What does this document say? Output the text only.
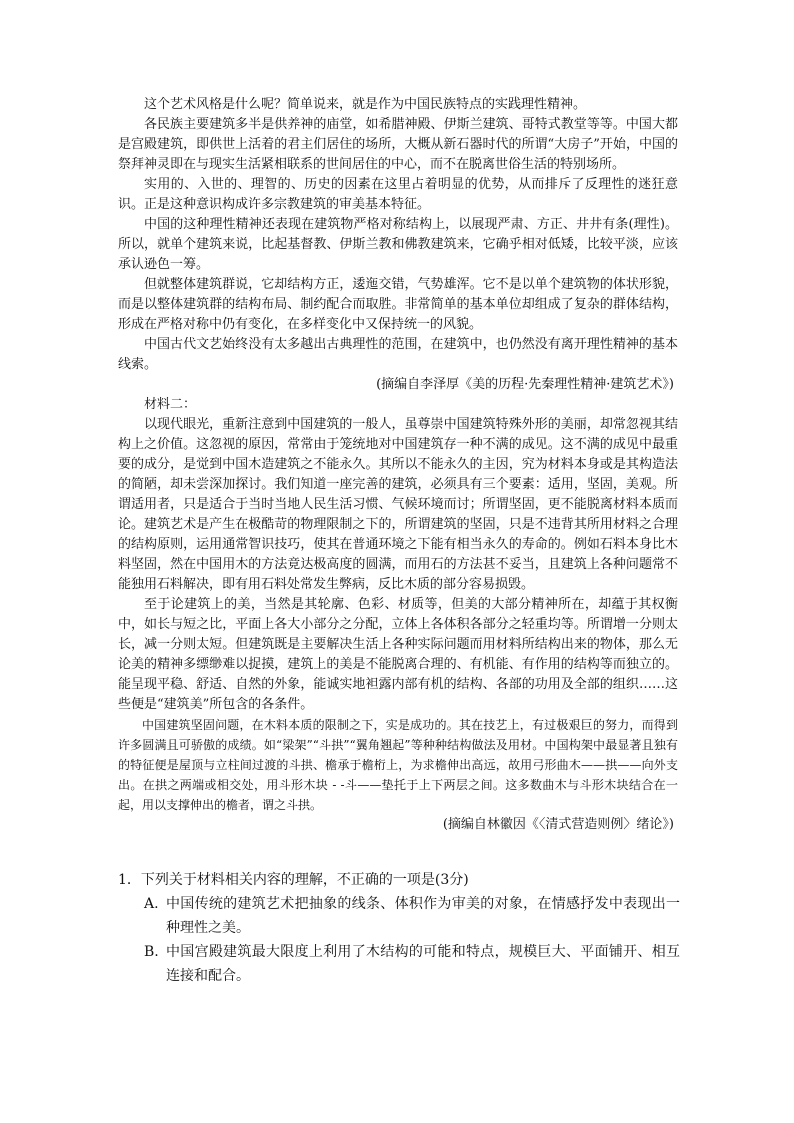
这个艺术风格是什么呢？简单说来，就是作为中国民族特点的实践理性精神。

各民族主要建筑多半是供养神的庙堂，如希腊神殿、伊斯兰建筑、哥特式教堂等等。中国大都是宫殿建筑，即供世上活着的君主们居住的场所，大概从新石器时代的所谓“大房子”开始，中国的祭拜神灵即在与现实生活紧相联系的世间居住的中心，而不在脱离世俗生活的特别场所。

实用的、入世的、理智的、历史的因素在这里占着明显的优势，从而排斥了反理性的迷狂意识。正是这种意识构成许多宗教建筑的审美基本特征。

中国的这种理性精神还表现在建筑物严格对称结构上，以展现严肃、方正、井井有条(理性)。所以，就单个建筑来说，比起基督教、伊斯兰教和佛教建筑来，它确乎相对低矮，比较平淡，应该承认逊色一筹。

但就整体建筑群说，它却结构方正，逶迤交错，气势雄浑。它不是以单个建筑物的体状形貌，而是以整体建筑群的结构布局、制约配合而取胜。非常简单的基本单位却组成了复杂的群体结构，形成在严格对称中仍有变化，在多样变化中又保持统一的风貌。

中国古代文艺始终没有太多越出古典理性的范围，在建筑中，也仍然没有离开理性精神的基本线索。

(摘编自李泽厚《美的历程·先秦理性精神·建筑艺术》)

材料二：

以现代眼光，重新注意到中国建筑的一般人，虽尊崇中国建筑特殊外形的美丽，却常忽视其结构上之价值。这忽视的原因，常常由于笼统地对中国建筑存一种不满的成见。这不满的成见中最重要的成分，是觉到中国木造建筑之不能永久。其所以不能永久的主因，究为材料本身或是其构造法的简陋，却未尝深加探讨。我们知道一座完善的建筑，必须具有三个要素：适用，坚固，美观。所谓适用者，只是适合于当时当地人民生活习惯、气候环境而讨；所谓坚固，更不能脱离材料本质而论。建筑艺术是产生在极酷苛的物理限制之下的，所谓建筑的坚固，只是不违背其所用材料之合理的结构原则，运用通常智识技巧，使其在普通环境之下能有相当永久的寿命的。例如石料本身比木料坚固，然在中国用木的方法竟达极高度的圆满，而用石的方法甚不妥当，且建筑上各种问题常不能独用石料解决，即有用石料处常发生弊病，反比木质的部分容易损毁。

至于论建筑上的美，当然是其轮廓、色彩、材质等，但美的大部分精神所在，却蕴于其权衡中，如长与短之比，平面上各大小部分之分配，立体上各体积各部分之轻重均等。所谓增一分则太长，减一分则太短。但建筑既是主要解决生活上各种实际问题而用材料所结构出来的物体，那么无论美的精神多缥缈难以捉摸，建筑上的美是不能脱离合理的、有机能、有作用的结构等而独立的。能呈现平稳、舒适、自然的外象，能诚实地袒露内部有机的结构、各部的功用及全部的组织……这些便是“建筑美”所包含的各条件。

中国建筑坚固问题，在木料本质的限制之下，实是成功的。其在技艺上，有过极艰巨的努力，而得到许多圆满且可骄傲的成绩。如“梁架”“斗拱”“翼角翘起”等种种结构做法及用材。中国构架中最显著且独有的特征便是屋顶与立柱间过渡的斗拱、檐承于檐桁上，为求檐伸出高远，故用弓形曲木——拱——向外支出。在拱之两端或相交处，用斗形木块 - -斗——垫托于上下两层之间。这多数曲木与斗形木块结合在一起，用以支撑伸出的檐者，谓之斗拱。

(摘编自林徽因《〈清式营造则例〉绪论》)

1．下列关于材料相关内容的理解，不正确的一项是(3分)

A. 中国传统的建筑艺术把抽象的线条、体积作为审美的对象，在情感抒发中表现出一种理性之美。
B. 中国宫殿建筑最大限度上利用了木结构的可能和特点，规模巨大、平面铺开、相互连接和配合。
